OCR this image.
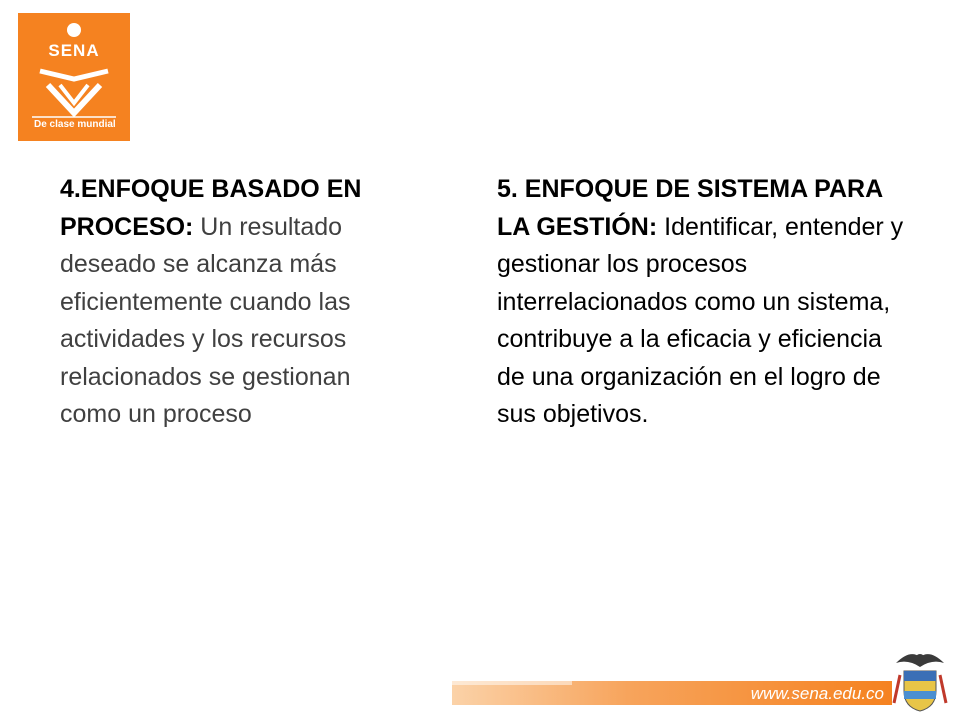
SENA
De clase mundial
4.ENFOQUE BASADO EN PROCESO: Un resultado deseado se alcanza más eficientemente cuando las actividades y los recursos relacionados se gestionan como un proceso
5. ENFOQUE DE SISTEMA PARA LA GESTIÓN: Identificar, entender y gestionar los procesos interrelacionados como un sistema, contribuye a la eficacia y eficiencia de una organización en el logro de sus objetivos.
www.sena.edu.co
